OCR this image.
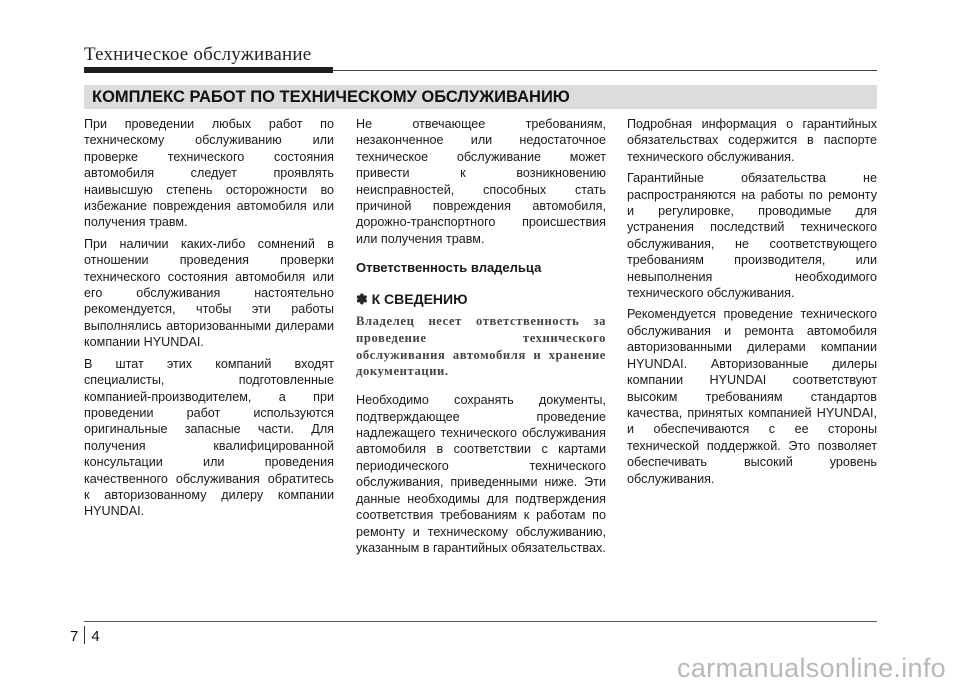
Техническое обслуживание
КОМПЛЕКС РАБОТ ПО ТЕХНИЧЕСКОМУ ОБСЛУЖИВАНИЮ

При проведении любых работ по техническому обслуживанию или проверке технического состояния автомобиля следует проявлять наивысшую степень осторожности во избежание повреждения автомобиля или получения травм.

При наличии каких-либо сомнений в отношении проведения проверки технического состояния автомобиля или его обслуживания настоятельно рекомендуется, чтобы эти работы выполнялись авторизованными дилерами компании HYUNDAI.

В штат этих компаний входят специалисты, подготовленные компанией-производителем, а при проведении работ используются оригинальные запасные части. Для получения квалифицированной консультации или проведения качественного обслуживания обратитесь к авторизованному дилеру компании HYUNDAI.

Не отвечающее требованиям, незаконченное или недостаточное техническое обслуживание может привести к возникновению неисправностей, способных стать причиной повреждения автомобиля, дорожно-транспортного происшествия или получения травм.

Ответственность владельца

✽ К СВЕДЕНИЮ

Владелец несет ответственность за проведение технического обслуживания автомобиля и хранение документации.

Необходимо сохранять документы, подтверждающее проведение надлежащего технического обслуживания автомобиля в соответствии с картами периодического технического обслуживания, приведенными ниже. Эти данные необходимы для подтверждения соответствия требованиям к работам по ремонту и техническому обслуживанию, указанным в гарантийных обязательствах.

Подробная информация о гарантийных обязательствах содержится в паспорте технического обслуживания.

Гарантийные обязательства не распространяются на работы по ремонту и регулировке, проводимые для устранения последствий технического обслуживания, не соответствующего требованиям производителя, или невыполнения необходимого технического обслуживания.

Рекомендуется проведение технического обслуживания и ремонта автомобиля авторизованными дилерами компании HYUNDAI. Авторизованные дилеры компании HYUNDAI соответствуют высоким требованиям стандартов качества, принятых компанией HYUNDAI, и обеспечиваются с ее стороны технической поддержкой. Это позволяет обеспечивать высокий уровень обслуживания.

7 4
carmanualsonline.info
